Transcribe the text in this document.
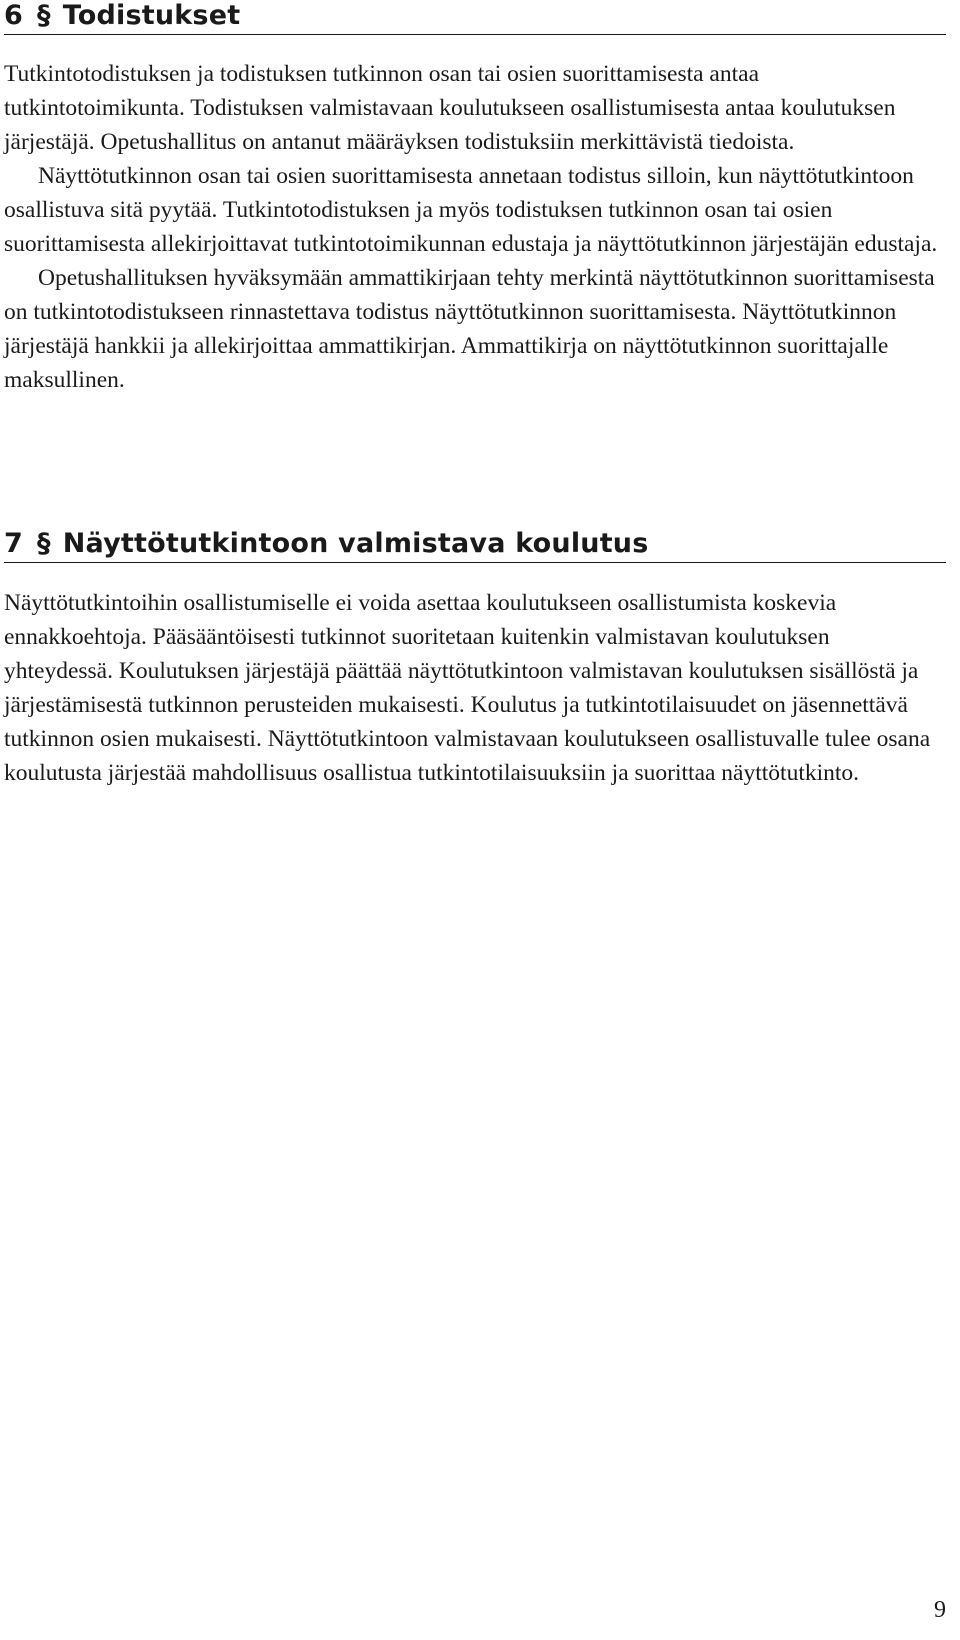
6 § Todistukset
Tutkintotodistuksen ja todistuksen tutkinnon osan tai osien suorittamisesta antaa tutkintotoimikunta. Todistuksen valmistavaan koulutukseen osallistumisesta antaa koulutuksen järjestäjä. Opetushallitus on antanut määräyksen todistuksiin merkittävistä tiedoista.
Näyttötutkinnon osan tai osien suorittamisesta annetaan todistus silloin, kun näyttötutkintoon osallistuva sitä pyytää. Tutkintotodistuksen ja myös todistuksen tutkinnon osan tai osien suorittamisesta allekirjoittavat tutkintotoimikunnan edustaja ja näyttötutkinnon järjestäjän edustaja.
Opetushallituksen hyväksymään ammattikirjaan tehty merkintä näyttötutkinnon suorittamisesta on tutkintotodistukseen rinnastettava todistus näyttötutkinnon suorittamisesta. Näyttötutkinnon järjestäjä hankkii ja allekirjoittaa ammattikirjan. Ammattikirja on näyttötutkinnon suorittajalle maksullinen.
7 § Näyttötutkintoon valmistava koulutus
Näyttötutkintoihin osallistumiselle ei voida asettaa koulutukseen osallistumista koskevia ennakkoehtoja. Pääsääntöisesti tutkinnot suoritetaan kuitenkin valmistavan koulutuksen yhteydessä. Koulutuksen järjestäjä päättää näyttötutkintoon valmistavan koulutuksen sisällöstä ja järjestämisestä tutkinnon perusteiden mukaisesti. Koulutus ja tutkintotilaisuudet on jäsennettävä tutkinnon osien mukaisesti. Näyttötutkintoon valmistavaan koulutukseen osallistuvalle tulee osana koulutusta järjestää mahdollisuus osallistua tutkintotilaisuuksiin ja suorittaa näyttötutkinto.
9
